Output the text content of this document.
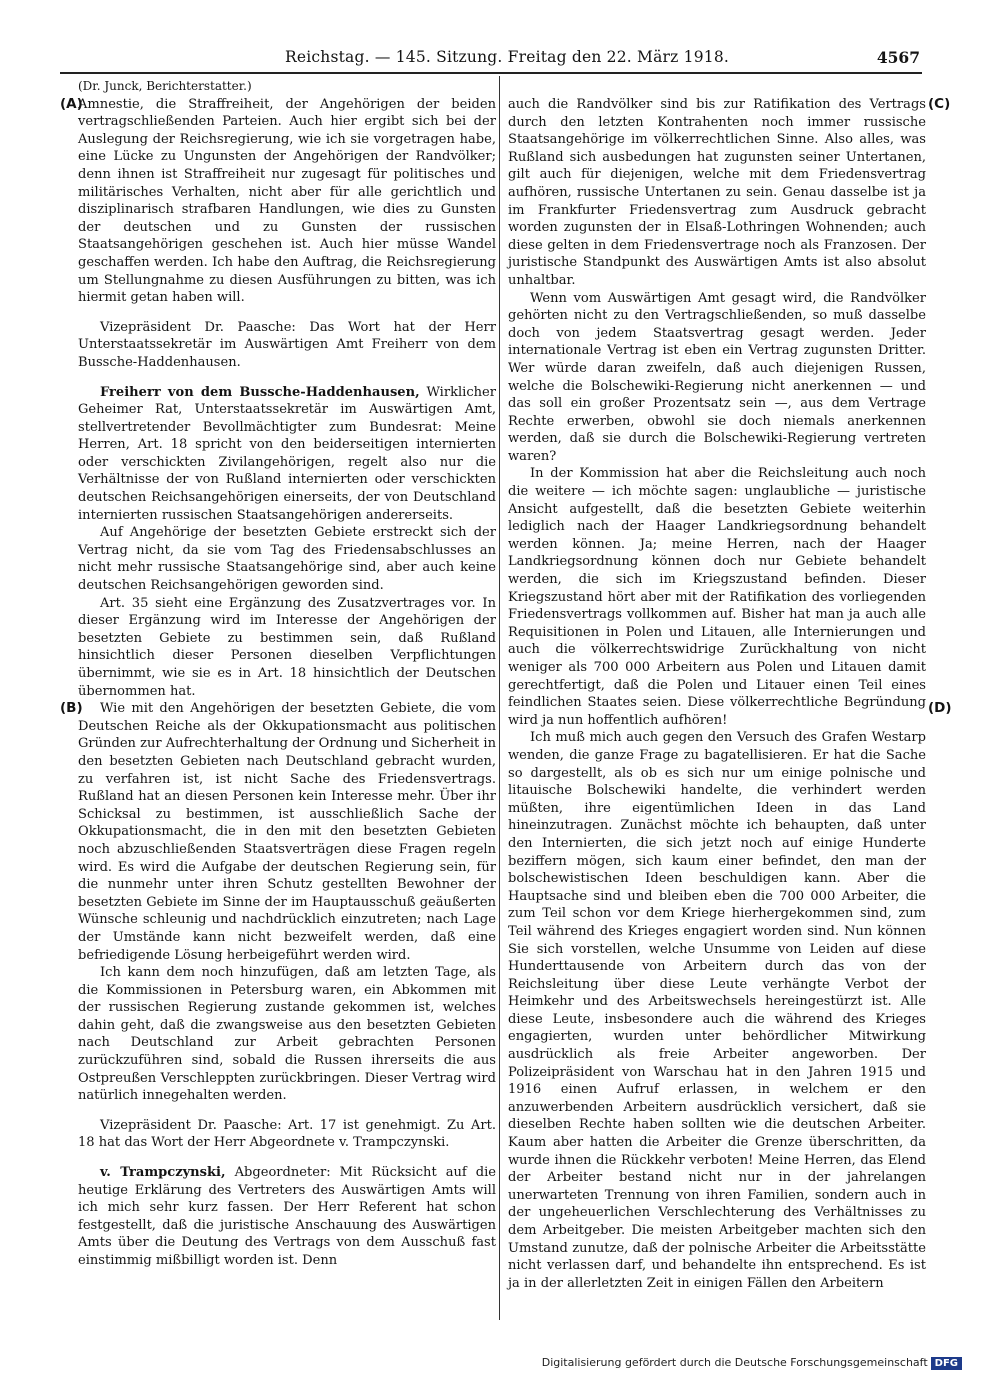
Reichstag. — 145. Sitzung. Freitag den 22. März 1918.	4567
(A)
(B)
(C)
(D)

(Dr. Junck, Berichterstatter.)

Amnestie, die Straffreiheit, der Angehörigen der beiden vertragschließenden Parteien. Auch hier ergibt sich bei der Auslegung der Reichsregierung, wie ich sie vorgetragen habe, eine Lücke zu Ungunsten der Angehörigen der Randvölker; denn ihnen ist Straffreiheit nur zugesagt für politisches und militärisches Verhalten, nicht aber für alle gerichtlich und disziplinarisch strafbaren Handlungen, wie dies zu Gunsten der deutschen und zu Gunsten der russischen Staatsangehörigen geschehen ist. Auch hier müsse Wandel geschaffen werden. Ich habe den Auftrag, die Reichsregierung um Stellungnahme zu diesen Ausführungen zu bitten, was ich hiermit getan haben will.

Vizepräsident Dr. Paasche: Das Wort hat der Herr Unterstaatssekretär im Auswärtigen Amt Freiherr von dem Bussche-Haddenhausen.

Freiherr von dem Bussche-Haddenhausen, Wirklicher Geheimer Rat, Unterstaatssekretär im Auswärtigen Amt, stellvertretender Bevollmächtigter zum Bundesrat: Meine Herren, Art. 18 spricht von den beiderseitigen internierten oder verschickten Zivilangehörigen, regelt also nur die Verhältnisse der von Rußland internierten oder verschickten deutschen Reichsangehörigen einerseits, der von Deutschland internierten russischen Staatsangehörigen andererseits.

Auf Angehörige der besetzten Gebiete erstreckt sich der Vertrag nicht, da sie vom Tag des Friedensabschlusses an nicht mehr russische Staatsangehörige sind, aber auch keine deutschen Reichsangehörigen geworden sind.

Art. 35 sieht eine Ergänzung des Zusatzvertrages vor. In dieser Ergänzung wird im Interesse der Angehörigen der besetzten Gebiete zu bestimmen sein, daß Rußland hinsichtlich dieser Personen dieselben Verpflichtungen übernimmt, wie sie es in Art. 18 hinsichtlich der Deutschen übernommen hat.

Wie mit den Angehörigen der besetzten Gebiete, die vom Deutschen Reiche als der Okkupationsmacht aus politischen Gründen zur Aufrechterhaltung der Ordnung und Sicherheit in den besetzten Gebieten nach Deutschland gebracht wurden, zu verfahren ist, ist nicht Sache des Friedensvertrags. Rußland hat an diesen Personen kein Interesse mehr. Über ihr Schicksal zu bestimmen, ist ausschließlich Sache der Okkupationsmacht, die in den mit den besetzten Gebieten noch abzuschließenden Staatsverträgen diese Fragen regeln wird. Es wird die Aufgabe der deutschen Regierung sein, für die nunmehr unter ihren Schutz gestellten Bewohner der besetzten Gebiete im Sinne der im Hauptausschuß geäußerten Wünsche schleunig und nachdrücklich einzutreten; nach Lage der Umstände kann nicht bezweifelt werden, daß eine befriedigende Lösung herbeigeführt werden wird.

Ich kann dem noch hinzufügen, daß am letzten Tage, als die Kommissionen in Petersburg waren, ein Abkommen mit der russischen Regierung zustande gekommen ist, welches dahin geht, daß die zwangsweise aus den besetzten Gebieten nach Deutschland zur Arbeit gebrachten Personen zurückzuführen sind, sobald die Russen ihrerseits die aus Ostpreußen Verschleppten zurückbringen. Dieser Vertrag wird natürlich innegehalten werden.

Vizepräsident Dr. Paasche: Art. 17 ist genehmigt. Zu Art. 18 hat das Wort der Herr Abgeordnete v. Trampczynski.

v. Trampczynski, Abgeordneter: Mit Rücksicht auf die heutige Erklärung des Vertreters des Auswärtigen Amts will ich mich sehr kurz fassen. Der Herr Referent hat schon festgestellt, daß die juristische Anschauung des Auswärtigen Amts über die Deutung des Vertrags von dem Ausschuß fast einstimmig mißbilligt worden ist. Denn

auch die Randvölker sind bis zur Ratifikation des Vertrags durch den letzten Kontrahenten noch immer russische Staatsangehörige im völkerrechtlichen Sinne. Also alles, was Rußland sich ausbedungen hat zugunsten seiner Untertanen, gilt auch für diejenigen, welche mit dem Friedensvertrag aufhören, russische Untertanen zu sein. Genau dasselbe ist ja im Frankfurter Friedensvertrag zum Ausdruck gebracht worden zugunsten der in Elsaß-Lothringen Wohnenden; auch diese gelten in dem Friedensvertrage noch als Franzosen. Der juristische Standpunkt des Auswärtigen Amts ist also absolut unhaltbar.

Wenn vom Auswärtigen Amt gesagt wird, die Randvölker gehörten nicht zu den Vertragschließenden, so muß dasselbe doch von jedem Staatsvertrag gesagt werden. Jeder internationale Vertrag ist eben ein Vertrag zugunsten Dritter. Wer würde daran zweifeln, daß auch diejenigen Russen, welche die Bolschewiki-Regierung nicht anerkennen — und das soll ein großer Prozentsatz sein —, aus dem Vertrage Rechte erwerben, obwohl sie doch niemals anerkennen werden, daß sie durch die Bolschewiki-Regierung vertreten waren?

In der Kommission hat aber die Reichsleitung auch noch die weitere — ich möchte sagen: unglaubliche — juristische Ansicht aufgestellt, daß die besetzten Gebiete weiterhin lediglich nach der Haager Landkriegsordnung behandelt werden können. Ja; meine Herren, nach der Haager Landkriegsordnung können doch nur Gebiete behandelt werden, die sich im Kriegszustand befinden. Dieser Kriegszustand hört aber mit der Ratifikation des vorliegenden Friedensvertrags vollkommen auf. Bisher hat man ja auch alle Requisitionen in Polen und Litauen, alle Internierungen und auch die völkerrechtswidrige Zurückhaltung von nicht weniger als 700 000 Arbeitern aus Polen und Litauen damit gerechtfertigt, daß die Polen und Litauer einen Teil eines feindlichen Staates seien. Diese völkerrechtliche Begründung wird ja nun hoffentlich aufhören!

Ich muß mich auch gegen den Versuch des Grafen Westarp wenden, die ganze Frage zu bagatellisieren. Er hat die Sache so dargestellt, als ob es sich nur um einige polnische und litauische Bolschewiki handelte, die verhindert werden müßten, ihre eigentümlichen Ideen in das Land hineinzutragen. Zunächst möchte ich behaupten, daß unter den Internierten, die sich jetzt noch auf einige Hunderte beziffern mögen, sich kaum einer befindet, den man der bolschewistischen Ideen beschuldigen kann. Aber die Hauptsache sind und bleiben eben die 700 000 Arbeiter, die zum Teil schon vor dem Kriege hierhergekommen sind, zum Teil während des Krieges engagiert worden sind. Nun können Sie sich vorstellen, welche Unsumme von Leiden auf diese Hunderttausende von Arbeitern durch das von der Reichsleitung über diese Leute verhängte Verbot der Heimkehr und des Arbeitswechsels hereingestürzt ist. Alle diese Leute, insbesondere auch die während des Krieges engagierten, wurden unter behördlicher Mitwirkung ausdrücklich als freie Arbeiter angeworben. Der Polizeipräsident von Warschau hat in den Jahren 1915 und 1916 einen Aufruf erlassen, in welchem er den anzuwerbenden Arbeitern ausdrücklich versichert, daß sie dieselben Rechte haben sollten wie die deutschen Arbeiter. Kaum aber hatten die Arbeiter die Grenze überschritten, da wurde ihnen die Rückkehr verboten! Meine Herren, das Elend der Arbeiter bestand nicht nur in der jahrelangen unerwarteten Trennung von ihren Familien, sondern auch in der ungeheuerlichen Verschlechterung des Verhältnisses zu dem Arbeitgeber. Die meisten Arbeitgeber machten sich den Umstand zunutze, daß der polnische Arbeiter die Arbeitsstätte nicht verlassen darf, und behandelte ihn entsprechend. Es ist ja in der allerletzten Zeit in einigen Fällen den Arbeitern

Digitalisierung gefördert durch die Deutsche Forschungsgemeinschaft DFG
